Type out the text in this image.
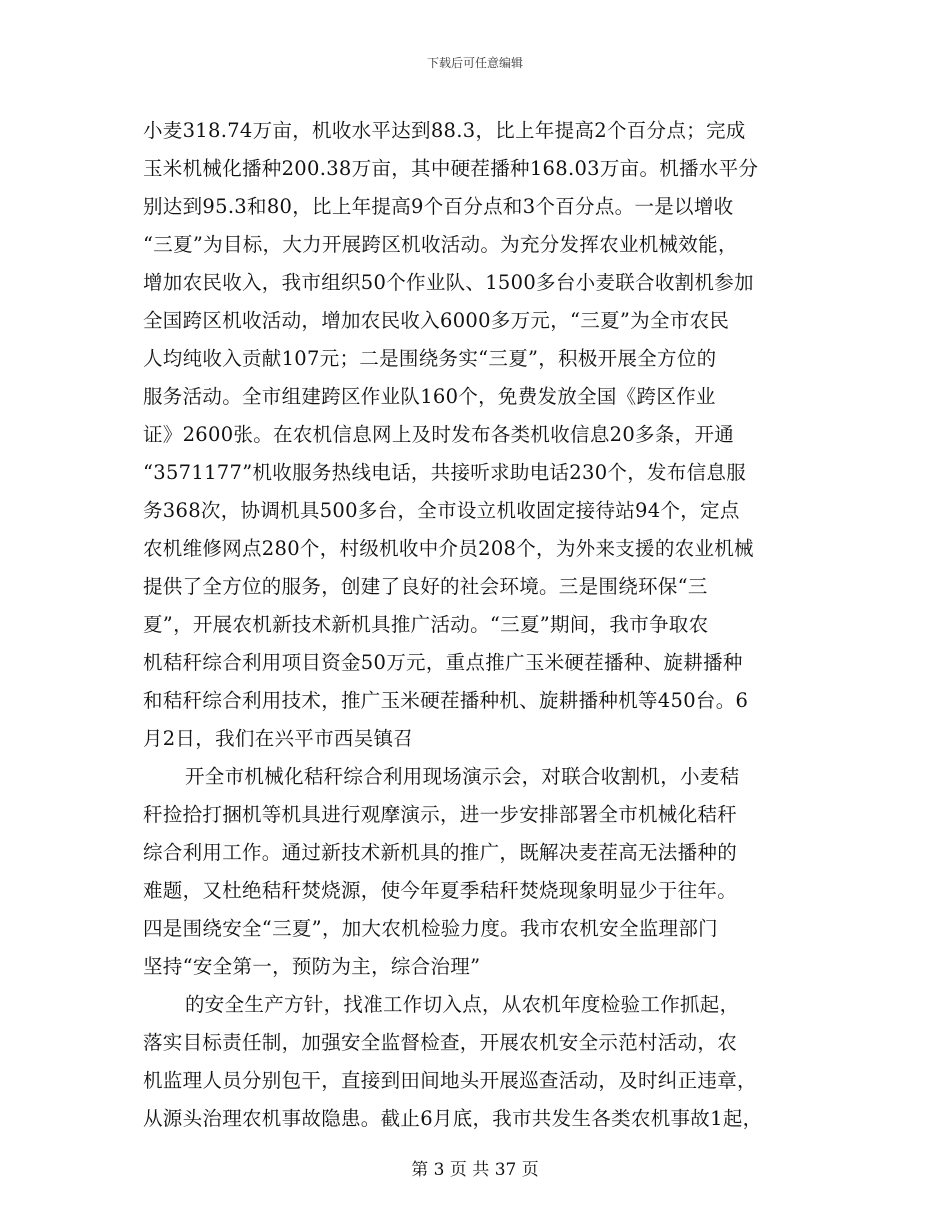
下载后可任意编辑
小麦318.74万亩，机收水平达到88.3，比上年提高2个百分点；完成
玉米机械化播种200.38万亩，其中硬茬播种168.03万亩。机播水平分
别达到95.3和80，比上年提高9个百分点和3个百分点。一是以增收
“三夏”为目标，大力开展跨区机收活动。为充分发挥农业机械效能，
增加农民收入，我市组织50个作业队、1500多台小麦联合收割机参加
全国跨区机收活动，增加农民收入6000多万元，“三夏”为全市农民
人均纯收入贡献107元；二是围绕务实“三夏”，积极开展全方位的
服务活动。全市组建跨区作业队160个，免费发放全国《跨区作业
证》2600张。在农机信息网上及时发布各类机收信息20多条，开通
“3571177”机收服务热线电话，共接听求助电话230个，发布信息服
务368次，协调机具500多台，全市设立机收固定接待站94个，定点
农机维修网点280个，村级机收中介员208个，为外来支援的农业机械
提供了全方位的服务，创建了良好的社会环境。三是围绕环保“三
夏”，开展农机新技术新机具推广活动。“三夏”期间，我市争取农
机秸秆综合利用项目资金50万元，重点推广玉米硬茬播种、旋耕播种
和秸秆综合利用技术，推广玉米硬茬播种机、旋耕播种机等450台。6
月2日，我们在兴平市西吴镇召
开全市机械化秸秆综合利用现场演示会，对联合收割机，小麦秸
秆捡拾打捆机等机具进行观摩演示，进一步安排部署全市机械化秸秆
综合利用工作。通过新技术新机具的推广，既解决麦茬高无法播种的
难题，又杜绝秸秆焚烧源，使今年夏季秸秆焚烧现象明显少于往年。
四是围绕安全“三夏”，加大农机检验力度。我市农机安全监理部门
坚持“安全第一，预防为主，综合治理”
的安全生产方针，找准工作切入点，从农机年度检验工作抓起，
落实目标责任制，加强安全监督检查，开展农机安全示范村活动，农
机监理人员分别包干，直接到田间地头开展巡查活动，及时纠正违章，
从源头治理农机事故隐患。截止6月底，我市共发生各类农机事故1起，
第 3 页 共 37 页
